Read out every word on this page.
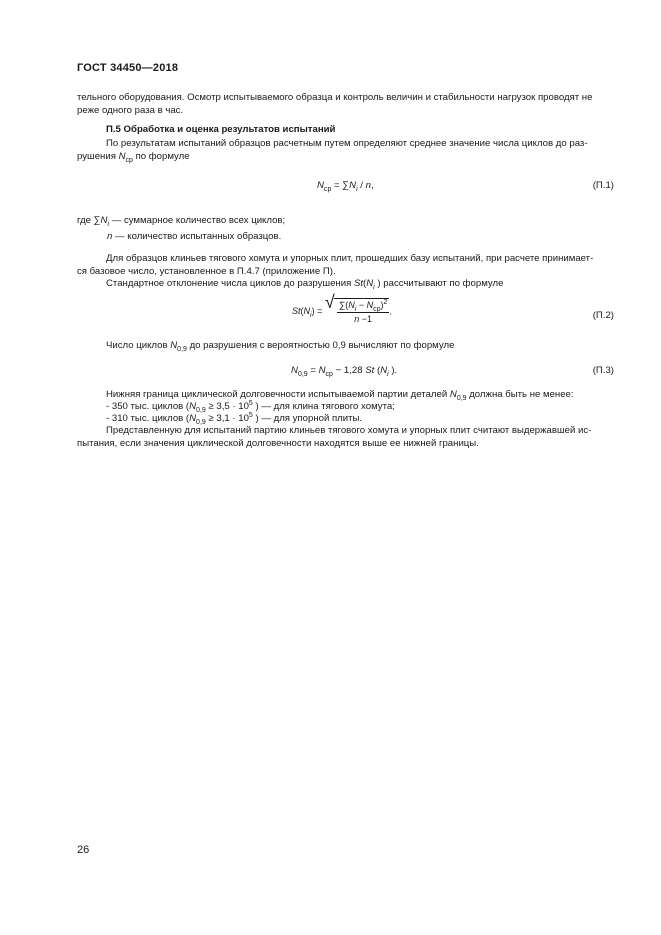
ГОСТ 34450—2018
тельного оборудования. Осмотр испытываемого образца и контроль величин и стабильности нагрузок проводят не
реже одного раза в час.
П.5 Обработка и оценка результатов испытаний
По результатам испытаний образцов расчетным путем определяют среднее значение числа циклов до раз-
рушения $N_{ср}$ по формуле
$N_{ср} = \sum N_i / n$,	(П.1)
где $\sum N_i$ — суммарное количество всех циклов;
n — количество испытанных образцов.
Для образцов клиньев тягового хомута и упорных плит, прошедших базу испытаний, при расчете принимает-
ся базовое число, установленное в П.4.7 (приложение П).
Стандартное отклонение числа циклов до разрушения $St(N_i$ ) рассчитывают по формуле
$St(N_i)$ =
√ $\frac{\sum(N_i - N_{ср})^2}{n -1}$ .	(П.2)
Число циклов $N_{0,9}$ до разрушения с вероятностью 0,9 вычисляют по формуле
$N_{0,9} = N_{ср} - 1,28$ St ($N_i$ ).	(П.3)
Нижняя граница циклической долговечности испытываемой партии деталей $N_{0,9}$ должна быть не менее:
- 350 тыс. циклов ($N_{0,9} \ge 3,5 \cdot 10^5$ ) — для клина тягового хомута;
- 310 тыс. циклов ($N_{0,9} \ge 3,1 \cdot 10^5$ ) — для упорной плиты.
Представленную для испытаний партию клиньев тягового хомута и упорных плит считают выдержавшей ис-
пытания, если значения циклической долговечности находятся выше ее нижней границы.
26
